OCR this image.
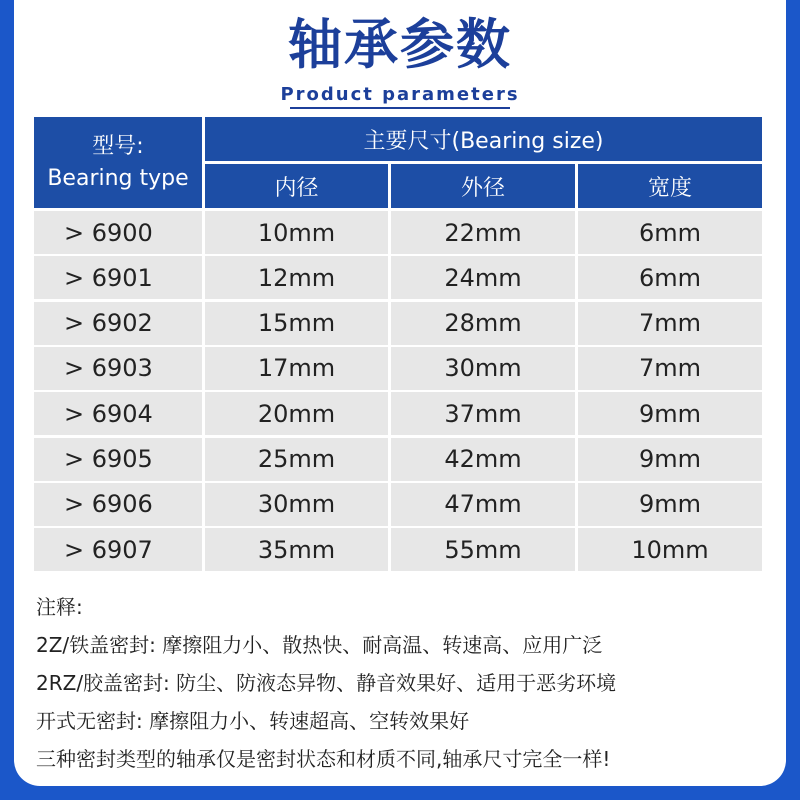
轴承参数
Product parameters
型号:
Bearing type
主要尺寸(Bearing size)
内径	外径	宽度
> 6900	10mm	22mm	6mm
> 6901	12mm	24mm	6mm
> 6902	15mm	28mm	7mm
> 6903	17mm	30mm	7mm
> 6904	20mm	37mm	9mm
> 6905	25mm	42mm	9mm
> 6906	30mm	47mm	9mm
> 6907	35mm	55mm	10mm
注释:
2Z/铁盖密封: 摩擦阻力小、散热快、耐高温、转速高、应用广泛
2RZ/胶盖密封: 防尘、防液态异物、静音效果好、适用于恶劣环境
开式无密封: 摩擦阻力小、转速超高、空转效果好
三种密封类型的轴承仅是密封状态和材质不同,轴承尺寸完全一样!
